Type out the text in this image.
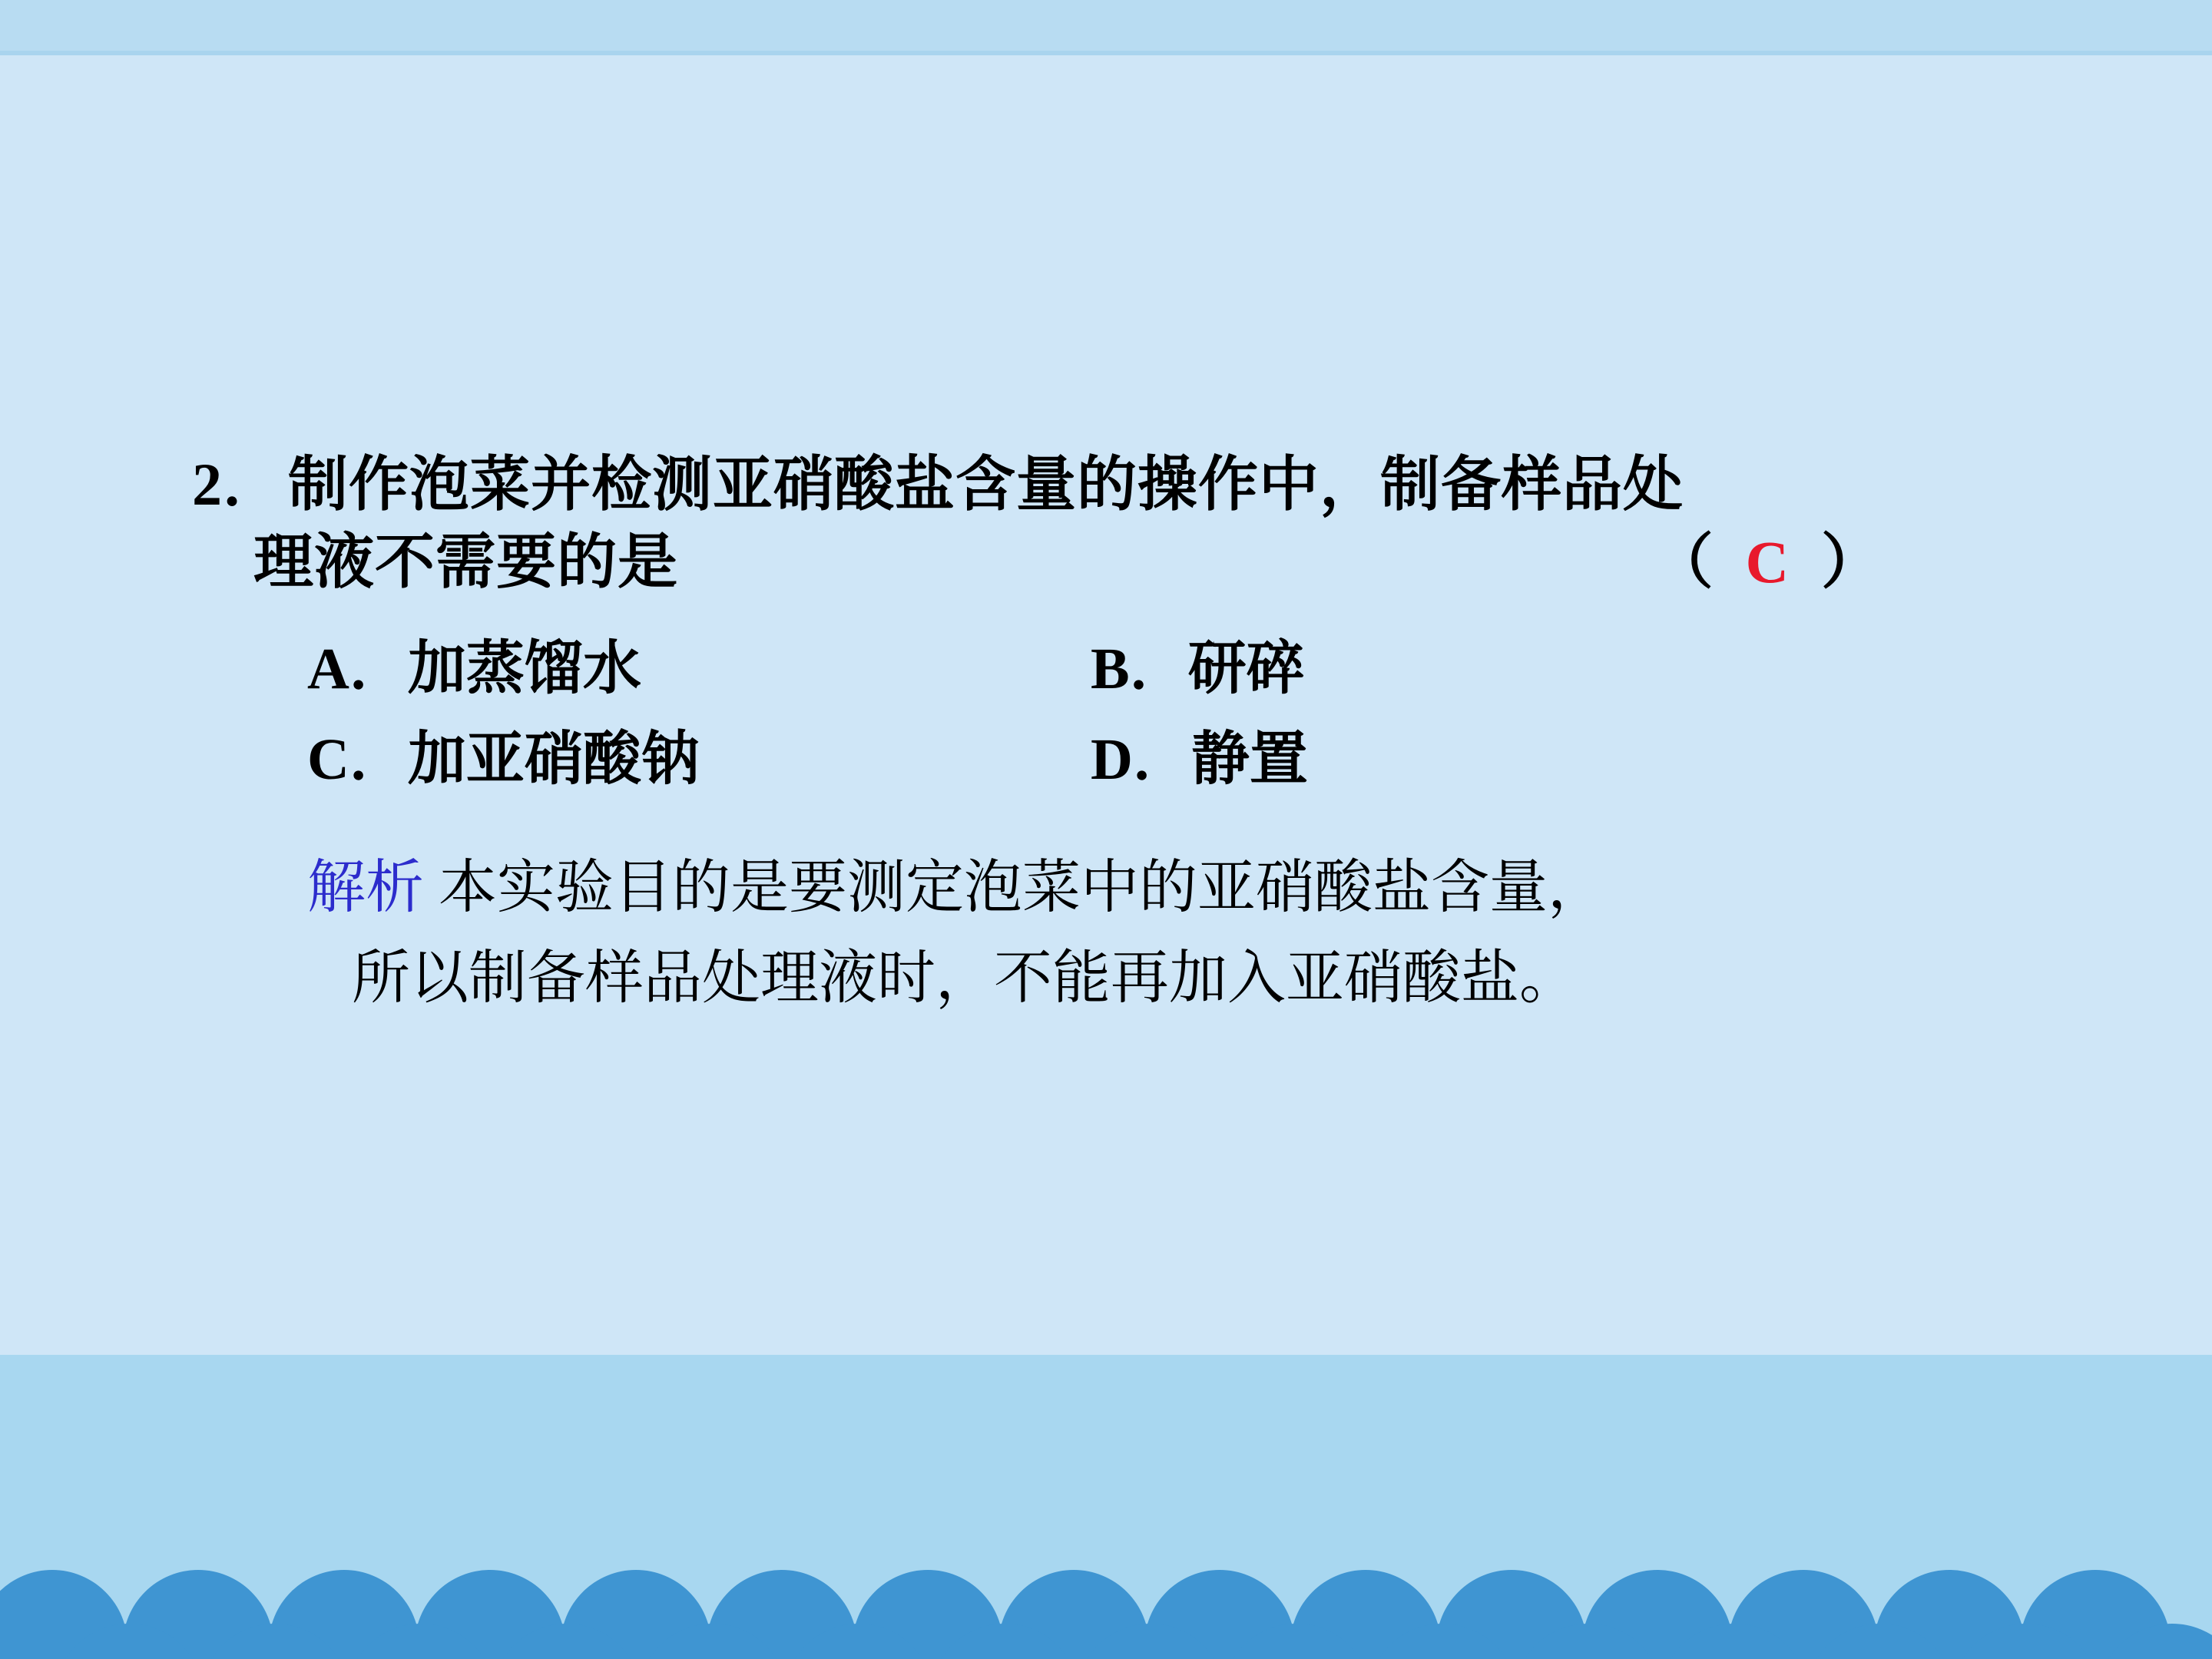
2． 制作泡菜并检测亚硝酸盐含量的操作中，制备样品处
理液不需要的是	（ C ）
A．加蒸馏水	B．研碎
C．加亚硝酸钠	D．静置
解析 本实验目的是要测定泡菜中的亚硝酸盐含量，
所以制备样品处理液时，不能再加入亚硝酸盐。
